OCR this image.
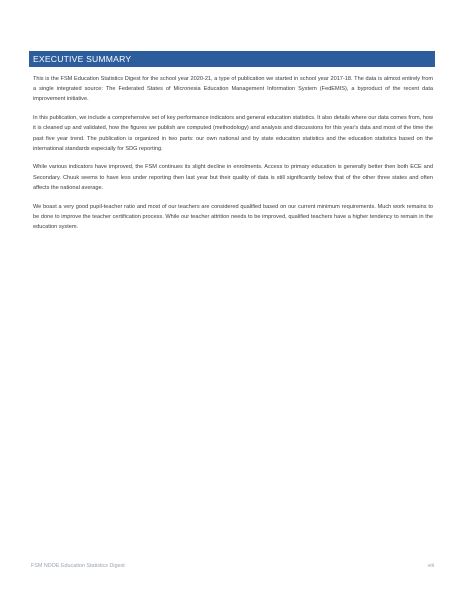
EXECUTIVE SUMMARY

This is the FSM Education Statistics Digest for the school year 2020-21, a type of publication we started in school year 2017-18. The data is almost entirely from a single integrated source: The Federated States of Micronesia Education Management Information System (FedEMIS), a byproduct of the recent data improvement initiative.

In this publication, we include a comprehensive set of key performance indicators and general education statistics. It also details where our data comes from, how it is cleaned up and validated, how the figures we publish are computed (methodology) and analysis and discussions for this year's data and most of the time the past five year trend. The publication is organized in two parts: our own national and by state education statistics and the education statistics based on the international standards especially for SDG reporting.

While various indicators have improved, the FSM continues its slight decline in enrolments. Access to primary education is generally better then both ECE and Secondary. Chuuk seems to have less under reporting then last year but their quality of data is still significantly below that of the other three states and often affects the national average.

We boast a very good pupil-teacher ratio and most of our teachers are considered qualified based on our current minimum requirements. Much work remains to be done to improve the teacher certification process. While our teacher attrition needs to be improved, qualified teachers have a higher tendency to remain in the education system.

FSM NDOE Education Statistics Digest	viii
